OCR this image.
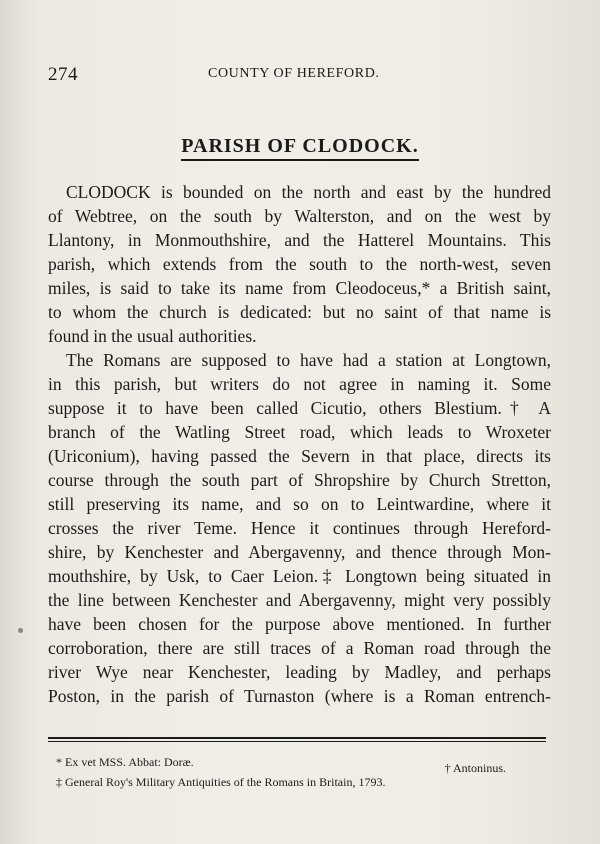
274	COUNTY OF HEREFORD.
PARISH OF CLODOCK.
CLODOCK is bounded on the north and east by the hundred
of Webtree, on the south by Walterston, and on the west by
Llantony, in Monmouthshire, and the Hatterel Mountains. This
parish, which extends from the south to the north-west, seven
miles, is said to take its name from Cleodoceus,* a British saint,
to whom the church is dedicated: but no saint of that name is
found in the usual authorities.
The Romans are supposed to have had a station at Longtown,
in this parish, but writers do not agree in naming it. Some
suppose it to have been called Cicutio, others Blestium.† A
branch of the Watling Street road, which leads to Wroxeter
(Uriconium), having passed the Severn in that place, directs its
course through the south part of Shropshire by Church Stretton,
still preserving its name, and so on to Leintwardine, where it
crosses the river Teme. Hence it continues through Hereford-
shire, by Kenchester and Abergavenny, and thence through Mon-
mouthshire, by Usk, to Caer Leion.‡ Longtown being situated in
the line between Kenchester and Abergavenny, might very possibly
have been chosen for the purpose above mentioned. In further
corroboration, there are still traces of a Roman road through the
river Wye near Kenchester, leading by Madley, and perhaps
Poston, in the parish of Turnaston (where is a Roman entrench-
* Ex vet MSS. Abbat: Doræ.	† Antoninus.
‡ General Roy's Military Antiquities of the Romans in Britain, 1793.
